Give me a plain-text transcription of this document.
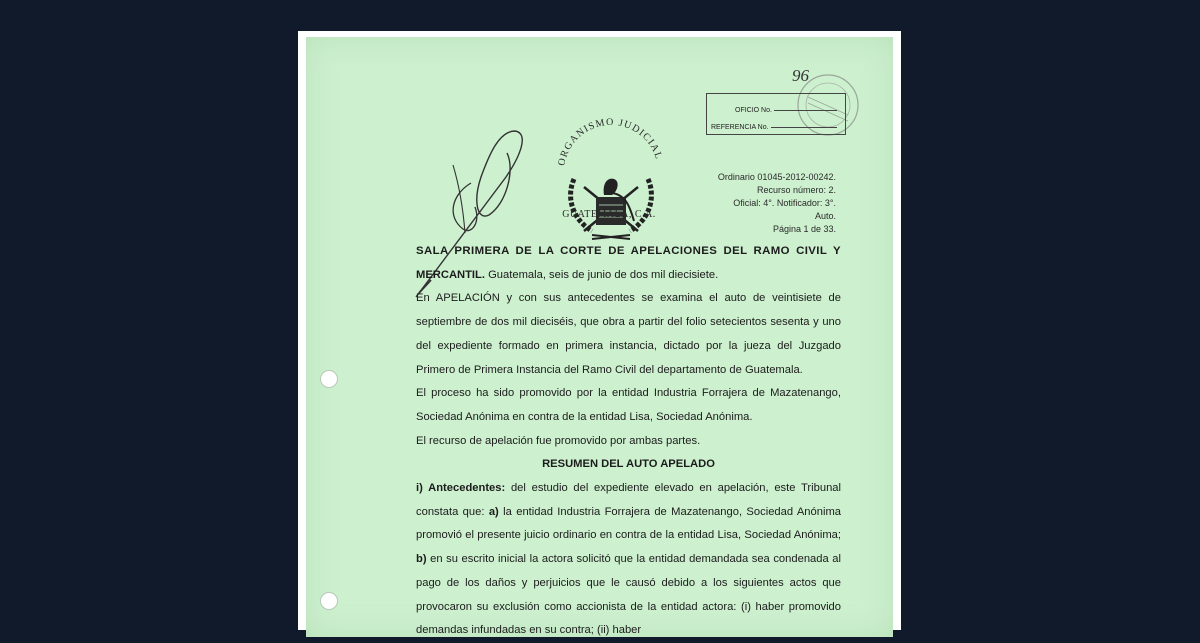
ORGANISMO JUDICIAL
GUATEMALA, C.A.
96
OFICIO No.
REFERENCIA No.
Ordinario 01045-2012-00242.
Recurso número: 2.
Oficial: 4°. Notificador: 3°.
Auto.
Página 1 de 33.

SALA PRIMERA DE LA CORTE DE APELACIONES DEL RAMO CIVIL Y

MERCANTIL. Guatemala, seis de junio de dos mil diecisiete.

En APELACIÓN y con sus antecedentes se examina el auto de veintisiete de septiembre de dos mil dieciséis, que obra a partir del folio setecientos sesenta y uno del expediente formado en primera instancia, dictado por la jueza del Juzgado Primero de Primera Instancia del Ramo Civil del departamento de Guatemala.

El proceso ha sido promovido por la entidad Industria Forrajera de Mazatenango, Sociedad Anónima en contra de la entidad Lisa, Sociedad Anónima.

El recurso de apelación fue promovido por ambas partes.

RESUMEN DEL AUTO APELADO

i) Antecedentes: del estudio del expediente elevado en apelación, este Tribunal constata que: a) la entidad Industria Forrajera de Mazatenango, Sociedad Anónima promovió el presente juicio ordinario en contra de la entidad Lisa, Sociedad Anónima; b) en su escrito inicial la actora solicitó que la entidad demandada sea condenada al pago de los daños y perjuicios que le causó debido a los siguientes actos que provocaron su exclusión como accionista de la entidad actora: (i) haber promovido demandas infundadas en su contra; (ii) haber
